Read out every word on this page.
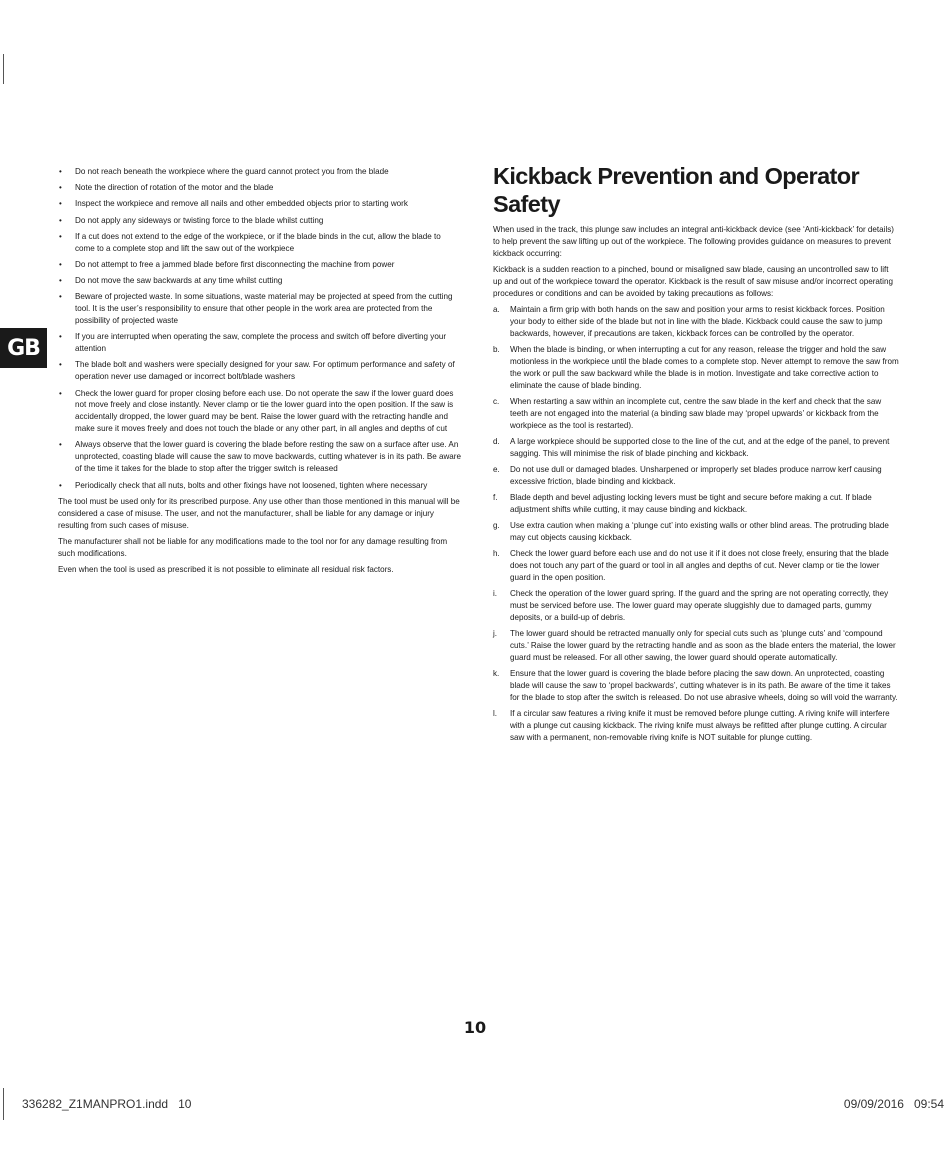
GB
• Do not reach beneath the workpiece where the guard cannot protect you from the blade
• Note the direction of rotation of the motor and the blade
• Inspect the workpiece and remove all nails and other embedded objects prior to starting work
• Do not apply any sideways or twisting force to the blade whilst cutting
• If a cut does not extend to the edge of the workpiece, or if the blade binds in the cut, allow the blade to come to a complete stop and lift the saw out of the workpiece
• Do not attempt to free a jammed blade before first disconnecting the machine from power
• Do not move the saw backwards at any time whilst cutting
• Beware of projected waste. In some situations, waste material may be projected at speed from the cutting tool. It is the user’s responsibility to ensure that other people in the work area are protected from the possibility of projected waste
• If you are interrupted when operating the saw, complete the process and switch off before diverting your attention
• The blade bolt and washers were specially designed for your saw. For optimum performance and safety of operation never use damaged or incorrect bolt/blade washers
• Check the lower guard for proper closing before each use. Do not operate the saw if the lower guard does not move freely and close instantly. Never clamp or tie the lower guard into the open position. If the saw is accidentally dropped, the lower guard may be bent. Raise the lower guard with the retracting handle and make sure it moves freely and does not touch the blade or any other part, in all angles and depths of cut
• Always observe that the lower guard is covering the blade before resting the saw on a surface after use. An unprotected, coasting blade will cause the saw to move backwards, cutting whatever is in its path. Be aware of the time it takes for the blade to stop after the trigger switch is released
• Periodically check that all nuts, bolts and other fixings have not loosened, tighten where necessary

The tool must be used only for its prescribed purpose. Any use other than those mentioned in this manual will be considered a case of misuse. The user, and not the manufacturer, shall be liable for any damage or injury resulting from such cases of misuse.

The manufacturer shall not be liable for any modifications made to the tool nor for any damage resulting from such modifications.

Even when the tool is used as prescribed it is not possible to eliminate all residual risk factors.

Kickback Prevention and Operator Safety

When used in the track, this plunge saw includes an integral anti-kickback device (see ‘Anti-kickback’ for details) to help prevent the saw lifting up out of the workpiece. The following provides guidance on measures to prevent kickback occurring:

Kickback is a sudden reaction to a pinched, bound or misaligned saw blade, causing an uncontrolled saw to lift up and out of the workpiece toward the operator. Kickback is the result of saw misuse and/or incorrect operating procedures or conditions and can be avoided by taking precautions as follows:

a. Maintain a firm grip with both hands on the saw and position your arms to resist kickback forces. Position your body to either side of the blade but not in line with the blade. Kickback could cause the saw to jump backwards, however, if precautions are taken, kickback forces can be controlled by the operator.
b. When the blade is binding, or when interrupting a cut for any reason, release the trigger and hold the saw motionless in the workpiece until the blade comes to a complete stop. Never attempt to remove the saw from the work or pull the saw backward while the blade is in motion. Investigate and take corrective action to eliminate the cause of blade binding.
c. When restarting a saw within an incomplete cut, centre the saw blade in the kerf and check that the saw teeth are not engaged into the material (a binding saw blade may ‘propel upwards’ or kickback from the workpiece as the tool is restarted).
d. A large workpiece should be supported close to the line of the cut, and at the edge of the panel, to prevent sagging. This will minimise the risk of blade pinching and kickback.
e. Do not use dull or damaged blades. Unsharpened or improperly set blades produce narrow kerf causing excessive friction, blade binding and kickback.
f. Blade depth and bevel adjusting locking levers must be tight and secure before making a cut. If blade adjustment shifts while cutting, it may cause binding and kickback.
g. Use extra caution when making a ‘plunge cut’ into existing walls or other blind areas. The protruding blade may cut objects causing kickback.
h. Check the lower guard before each use and do not use it if it does not close freely, ensuring that the blade does not touch any part of the guard or tool in all angles and depths of cut. Never clamp or tie the lower guard in the open position.
i. Check the operation of the lower guard spring. If the guard and the spring are not operating correctly, they must be serviced before use. The lower guard may operate sluggishly due to damaged parts, gummy deposits, or a build-up of debris.
j. The lower guard should be retracted manually only for special cuts such as ‘plunge cuts’ and ‘compound cuts.’ Raise the lower guard by the retracting handle and as soon as the blade enters the material, the lower guard must be released. For all other sawing, the lower guard should operate automatically.
k. Ensure that the lower guard is covering the blade before placing the saw down. An unprotected, coasting blade will cause the saw to ‘propel backwards’, cutting whatever is in its path. Be aware of the time it takes for the blade to stop after the switch is released. Do not use abrasive wheels, doing so will void the warranty.
l. If a circular saw features a riving knife it must be removed before plunge cutting. A riving knife will interfere with a plunge cut causing kickback. The riving knife must always be refitted after plunge cutting. A circular saw with a permanent, non-removable riving knife is NOT suitable for plunge cutting.
10
336282_Z1MANPRO1.indd   10	09/09/2016 09:54
